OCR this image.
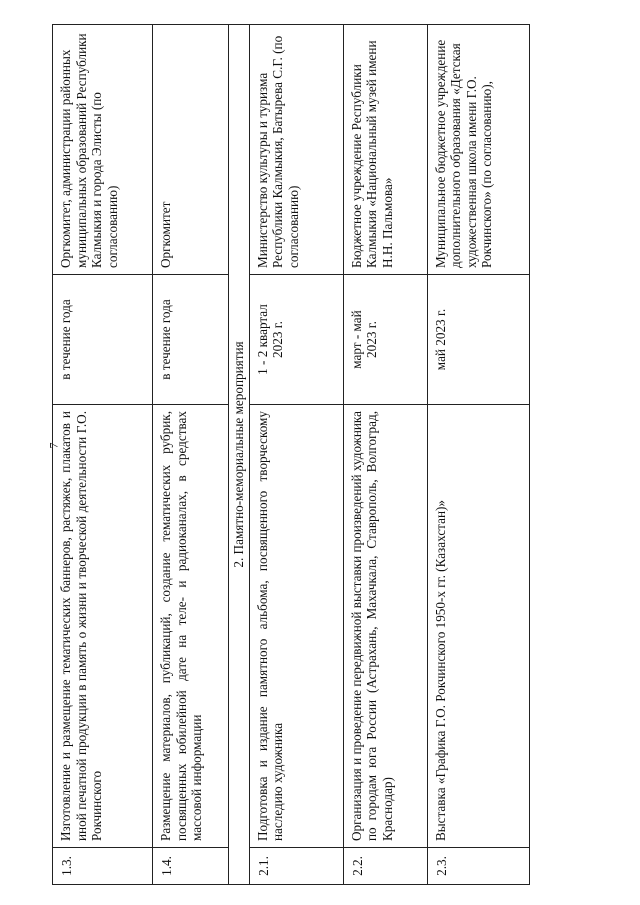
7
1.3.	Изготовление и размещение тематических баннеров, растяжек, плакатов и иной печатной продукции в память о жизни и творческой деятельности Г.О. Рокчинского	в течение года	Оргкомитет, администрации районных муниципальных образований Республики Калмыкия и города Элисты (по согласованию)
1.4.	Размещение материалов, публикаций, создание тематических рубрик, посвященных юбилейной дате на теле- и радиоканалах, в средствах массовой информации	в течение года	Оргкомитет
2. Памятно-мемориальные мероприятия			
2.1.	Подготовка и издание памятного альбома, посвященного творческому наследию художника	1 - 2 квартал 2023 г.	Министерство культуры и туризма Республики Калмыкия, Батырева С.Г. (по согласованию)
2.2.	Организация и проведение передвижной выставки произведений художника по городам юга России (Астрахань, Махачкала, Ставрополь, Волгоград, Краснодар)	март - май 2023 г.	Бюджетное учреждение Республики Калмыкия «Национальный музей имени Н.Н. Пальмова»
2.3.	Выставка «Графика Г.О. Рокчинского 1950-х гг. (Казахстан)»	май 2023 г.	Муниципальное бюджетное учреждение дополнительного образования «Детская художественная школа имени Г.О. Рокчинского» (по согласованию),
